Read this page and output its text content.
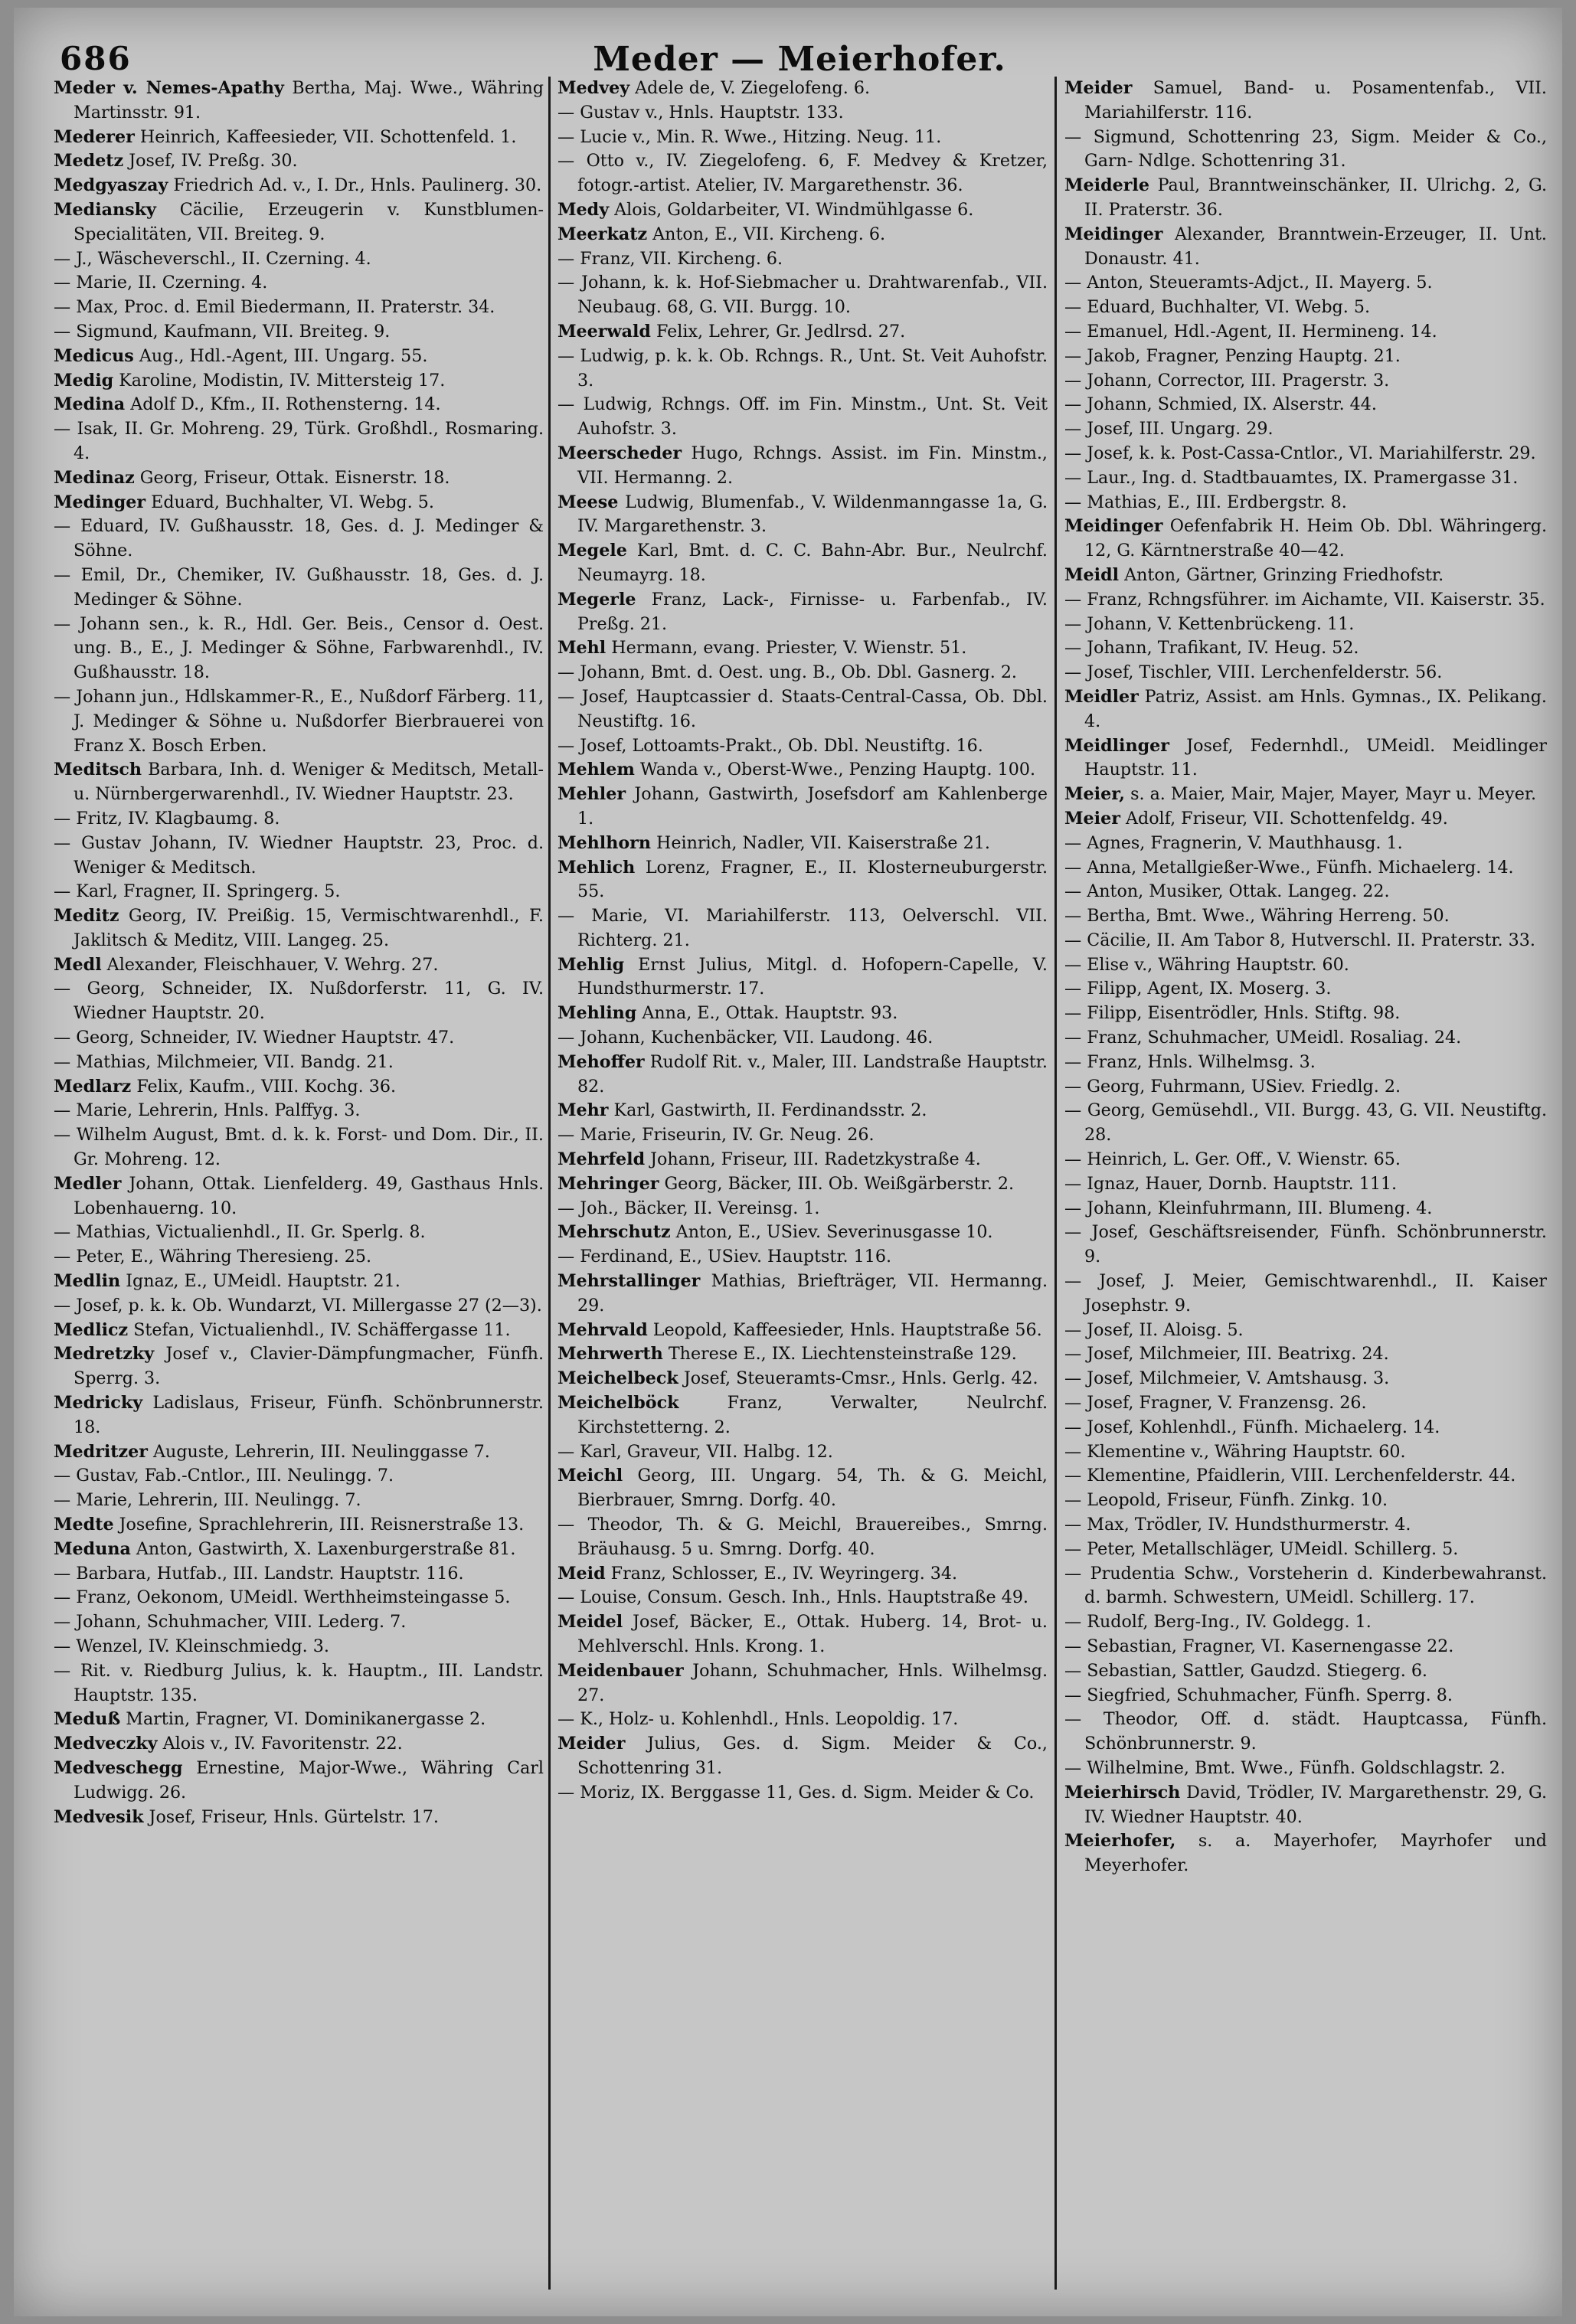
686	Meder — Meierhofer.

Meder v. Nemes-Apathy Bertha, Maj. Wwe., Währing Martinsstr. 91.

Mederer Heinrich, Kaffeesieder, VII. Schottenfeld. 1.

Medetz Josef, IV. Preßg. 30.

Medgyaszay Friedrich Ad. v., I. Dr., Hnls. Paulinerg. 30.

Mediansky Cäcilie, Erzeugerin v. Kunstblumen-Specialitäten, VII. Breiteg. 9.

— J., Wäscheverschl., II. Czerning. 4.

— Marie, II. Czerning. 4.

— Max, Proc. d. Emil Biedermann, II. Praterstr. 34.

— Sigmund, Kaufmann, VII. Breiteg. 9.

Medicus Aug., Hdl.-Agent, III. Ungarg. 55.

Medig Karoline, Modistin, IV. Mittersteig 17.

Medina Adolf D., Kfm., II. Rothensterng. 14.

— Isak, II. Gr. Mohreng. 29, Türk. Großhdl., Rosmaring. 4.

Medinaz Georg, Friseur, Ottak. Eisnerstr. 18.

Medinger Eduard, Buchhalter, VI. Webg. 5.

— Eduard, IV. Gußhausstr. 18, Ges. d. J. Medinger & Söhne.

— Emil, Dr., Chemiker, IV. Gußhausstr. 18, Ges. d. J. Medinger & Söhne.

— Johann sen., k. R., Hdl. Ger. Beis., Censor d. Oest. ung. B., E., J. Medinger & Söhne, Farbwarenhdl., IV. Gußhausstr. 18.

— Johann jun., Hdlskammer-R., E., Nußdorf Färberg. 11, J. Medinger & Söhne u. Nußdorfer Bierbrauerei von Franz X. Bosch Erben.

Meditsch Barbara, Inh. d. Weniger & Meditsch, Metall- u. Nürnbergerwarenhdl., IV. Wiedner Hauptstr. 23.

— Fritz, IV. Klagbaumg. 8.

— Gustav Johann, IV. Wiedner Hauptstr. 23, Proc. d. Weniger & Meditsch.

— Karl, Fragner, II. Springerg. 5.

Meditz Georg, IV. Preißig. 15, Vermischtwarenhdl., F. Jaklitsch & Meditz, VIII. Langeg. 25.

Medl Alexander, Fleischhauer, V. Wehrg. 27.

— Georg, Schneider, IX. Nußdorferstr. 11, G. IV. Wiedner Hauptstr. 20.

— Georg, Schneider, IV. Wiedner Hauptstr. 47.

— Mathias, Milchmeier, VII. Bandg. 21.

Medlarz Felix, Kaufm., VIII. Kochg. 36.

— Marie, Lehrerin, Hnls. Palffyg. 3.

— Wilhelm August, Bmt. d. k. k. Forst- und Dom. Dir., II. Gr. Mohreng. 12.

Medler Johann, Ottak. Lienfelderg. 49, Gasthaus Hnls. Lobenhauerng. 10.

— Mathias, Victualienhdl., II. Gr. Sperlg. 8.

— Peter, E., Währing Theresieng. 25.

Medlin Ignaz, E., UMeidl. Hauptstr. 21.

— Josef, p. k. k. Ob. Wundarzt, VI. Millergasse 27 (2—3).

Medlicz Stefan, Victualienhdl., IV. Schäffergasse 11.

Medretzky Josef v., Clavier-Dämpfungmacher, Fünfh. Sperrg. 3.

Medricky Ladislaus, Friseur, Fünfh. Schönbrunnerstr. 18.

Medritzer Auguste, Lehrerin, III. Neulinggasse 7.

— Gustav, Fab.-Cntlor., III. Neulingg. 7.

— Marie, Lehrerin, III. Neulingg. 7.

Medte Josefine, Sprachlehrerin, III. Reisnerstraße 13.

Meduna Anton, Gastwirth, X. Laxenburgerstraße 81.

— Barbara, Hutfab., III. Landstr. Hauptstr. 116.

— Franz, Oekonom, UMeidl. Werthheimsteingasse 5.

— Johann, Schuhmacher, VIII. Lederg. 7.

— Wenzel, IV. Kleinschmiedg. 3.

— Rit. v. Riedburg Julius, k. k. Hauptm., III. Landstr. Hauptstr. 135.

Meduß Martin, Fragner, VI. Dominikanergasse 2.

Medveczky Alois v., IV. Favoritenstr. 22.

Medveschegg Ernestine, Major-Wwe., Währing Carl Ludwigg. 26.

Medvesik Josef, Friseur, Hnls. Gürtelstr. 17.

Medvey Adele de, V. Ziegelofeng. 6.

— Gustav v., Hnls. Hauptstr. 133.

— Lucie v., Min. R. Wwe., Hitzing. Neug. 11.

— Otto v., IV. Ziegelofeng. 6, F. Medvey & Kretzer, fotogr.-artist. Atelier, IV. Margarethenstr. 36.

Medy Alois, Goldarbeiter, VI. Windmühlgasse 6.

Meerkatz Anton, E., VII. Kircheng. 6.

— Franz, VII. Kircheng. 6.

— Johann, k. k. Hof-Siebmacher u. Drahtwarenfab., VII. Neubaug. 68, G. VII. Burgg. 10.

Meerwald Felix, Lehrer, Gr. Jedlrsd. 27.

— Ludwig, p. k. k. Ob. Rchngs. R., Unt. St. Veit Auhofstr. 3.

— Ludwig, Rchngs. Off. im Fin. Minstm., Unt. St. Veit Auhofstr. 3.

Meerscheder Hugo, Rchngs. Assist. im Fin. Minstm., VII. Hermanng. 2.

Meese Ludwig, Blumenfab., V. Wildenmanngasse 1a, G. IV. Margarethenstr. 3.

Megele Karl, Bmt. d. C. C. Bahn-Abr. Bur., Neulrchf. Neumayrg. 18.

Megerle Franz, Lack-, Firnisse- u. Farbenfab., IV. Preßg. 21.

Mehl Hermann, evang. Priester, V. Wienstr. 51.

— Johann, Bmt. d. Oest. ung. B., Ob. Dbl. Gasnerg. 2.

— Josef, Hauptcassier d. Staats-Central-Cassa, Ob. Dbl. Neustiftg. 16.

— Josef, Lottoamts-Prakt., Ob. Dbl. Neustiftg. 16.

Mehlem Wanda v., Oberst-Wwe., Penzing Hauptg. 100.

Mehler Johann, Gastwirth, Josefsdorf am Kahlenberge 1.

Mehlhorn Heinrich, Nadler, VII. Kaiserstraße 21.

Mehlich Lorenz, Fragner, E., II. Klosterneuburgerstr. 55.

— Marie, VI. Mariahilferstr. 113, Oelverschl. VII. Richterg. 21.

Mehlig Ernst Julius, Mitgl. d. Hofopern-Capelle, V. Hundsthurmerstr. 17.

Mehling Anna, E., Ottak. Hauptstr. 93.

— Johann, Kuchenbäcker, VII. Laudong. 46.

Mehoffer Rudolf Rit. v., Maler, III. Landstraße Hauptstr. 82.

Mehr Karl, Gastwirth, II. Ferdinandsstr. 2.

— Marie, Friseurin, IV. Gr. Neug. 26.

Mehrfeld Johann, Friseur, III. Radetzkystraße 4.

Mehringer Georg, Bäcker, III. Ob. Weißgärberstr. 2.

— Joh., Bäcker, II. Vereinsg. 1.

Mehrschutz Anton, E., USiev. Severinusgasse 10.

— Ferdinand, E., USiev. Hauptstr. 116.

Mehrstallinger Mathias, Briefträger, VII. Hermanng. 29.

Mehrvald Leopold, Kaffeesieder, Hnls. Hauptstraße 56.

Mehrwerth Therese E., IX. Liechtensteinstraße 129.

Meichelbeck Josef, Steueramts-Cmsr., Hnls. Gerlg. 42.

Meichelböck Franz, Verwalter, Neulrchf. Kirchstetterng. 2.

— Karl, Graveur, VII. Halbg. 12.

Meichl Georg, III. Ungarg. 54, Th. & G. Meichl, Bierbrauer, Smrng. Dorfg. 40.

— Theodor, Th. & G. Meichl, Brauereibes., Smrng. Bräuhausg. 5 u. Smrng. Dorfg. 40.

Meid Franz, Schlosser, E., IV. Weyringerg. 34.

— Louise, Consum. Gesch. Inh., Hnls. Hauptstraße 49.

Meidel Josef, Bäcker, E., Ottak. Huberg. 14, Brot- u. Mehlverschl. Hnls. Krong. 1.

Meidenbauer Johann, Schuhmacher, Hnls. Wilhelmsg. 27.

— K., Holz- u. Kohlenhdl., Hnls. Leopoldig. 17.

Meider Julius, Ges. d. Sigm. Meider & Co., Schottenring 31.

— Moriz, IX. Berggasse 11, Ges. d. Sigm. Meider & Co.

Meider Samuel, Band- u. Posamentenfab., VII. Mariahilferstr. 116.

— Sigmund, Schottenring 23, Sigm. Meider & Co., Garn- Ndlge. Schottenring 31.

Meiderle Paul, Branntweinschänker, II. Ulrichg. 2, G. II. Praterstr. 36.

Meidinger Alexander, Branntwein-Erzeuger, II. Unt. Donaustr. 41.

— Anton, Steueramts-Adjct., II. Mayerg. 5.

— Eduard, Buchhalter, VI. Webg. 5.

— Emanuel, Hdl.-Agent, II. Hermineng. 14.

— Jakob, Fragner, Penzing Hauptg. 21.

— Johann, Corrector, III. Pragerstr. 3.

— Johann, Schmied, IX. Alserstr. 44.

— Josef, III. Ungarg. 29.

— Josef, k. k. Post-Cassa-Cntlor., VI. Mariahilferstr. 29.

— Laur., Ing. d. Stadtbauamtes, IX. Pramergasse 31.

— Mathias, E., III. Erdbergstr. 8.

Meidinger Oefenfabrik H. Heim Ob. Dbl. Währingerg. 12, G. Kärntnerstraße 40—42.

Meidl Anton, Gärtner, Grinzing Friedhofstr.

— Franz, Rchngsführer. im Aichamte, VII. Kaiserstr. 35.

— Johann, V. Kettenbrückeng. 11.

— Johann, Trafikant, IV. Heug. 52.

— Josef, Tischler, VIII. Lerchenfelderstr. 56.

Meidler Patriz, Assist. am Hnls. Gymnas., IX. Pelikang. 4.

Meidlinger Josef, Federnhdl., UMeidl. Meidlinger Hauptstr. 11.

Meier, s. a. Maier, Mair, Majer, Mayer, Mayr u. Meyer.

Meier Adolf, Friseur, VII. Schottenfeldg. 49.

— Agnes, Fragnerin, V. Mauthhausg. 1.

— Anna, Metallgießer-Wwe., Fünfh. Michaelerg. 14.

— Anton, Musiker, Ottak. Langeg. 22.

— Bertha, Bmt. Wwe., Währing Herreng. 50.

— Cäcilie, II. Am Tabor 8, Hutverschl. II. Praterstr. 33.

— Elise v., Währing Hauptstr. 60.

— Filipp, Agent, IX. Moserg. 3.

— Filipp, Eisentrödler, Hnls. Stiftg. 98.

— Franz, Schuhmacher, UMeidl. Rosaliag. 24.

— Franz, Hnls. Wilhelmsg. 3.

— Georg, Fuhrmann, USiev. Friedlg. 2.

— Georg, Gemüsehdl., VII. Burgg. 43, G. VII. Neustiftg. 28.

— Heinrich, L. Ger. Off., V. Wienstr. 65.

— Ignaz, Hauer, Dornb. Hauptstr. 111.

— Johann, Kleinfuhrmann, III. Blumeng. 4.

— Josef, Geschäftsreisender, Fünfh. Schönbrunnerstr. 9.

— Josef, J. Meier, Gemischtwarenhdl., II. Kaiser Josephstr. 9.

— Josef, II. Aloisg. 5.

— Josef, Milchmeier, III. Beatrixg. 24.

— Josef, Milchmeier, V. Amtshausg. 3.

— Josef, Fragner, V. Franzensg. 26.

— Josef, Kohlenhdl., Fünfh. Michaelerg. 14.

— Klementine v., Währing Hauptstr. 60.

— Klementine, Pfaidlerin, VIII. Lerchenfelderstr. 44.

— Leopold, Friseur, Fünfh. Zinkg. 10.

— Max, Trödler, IV. Hundsthurmerstr. 4.

— Peter, Metallschläger, UMeidl. Schillerg. 5.

— Prudentia Schw., Vorsteherin d. Kinderbewahranst. d. barmh. Schwestern, UMeidl. Schillerg. 17.

— Rudolf, Berg-Ing., IV. Goldegg. 1.

— Sebastian, Fragner, VI. Kasernengasse 22.

— Sebastian, Sattler, Gaudzd. Stiegerg. 6.

— Siegfried, Schuhmacher, Fünfh. Sperrg. 8.

— Theodor, Off. d. städt. Hauptcassa, Fünfh. Schönbrunnerstr. 9.

— Wilhelmine, Bmt. Wwe., Fünfh. Goldschlagstr. 2.

Meierhirsch David, Trödler, IV. Margarethenstr. 29, G. IV. Wiedner Hauptstr. 40.

Meierhofer, s. a. Mayerhofer, Mayrhofer und Meyerhofer.
